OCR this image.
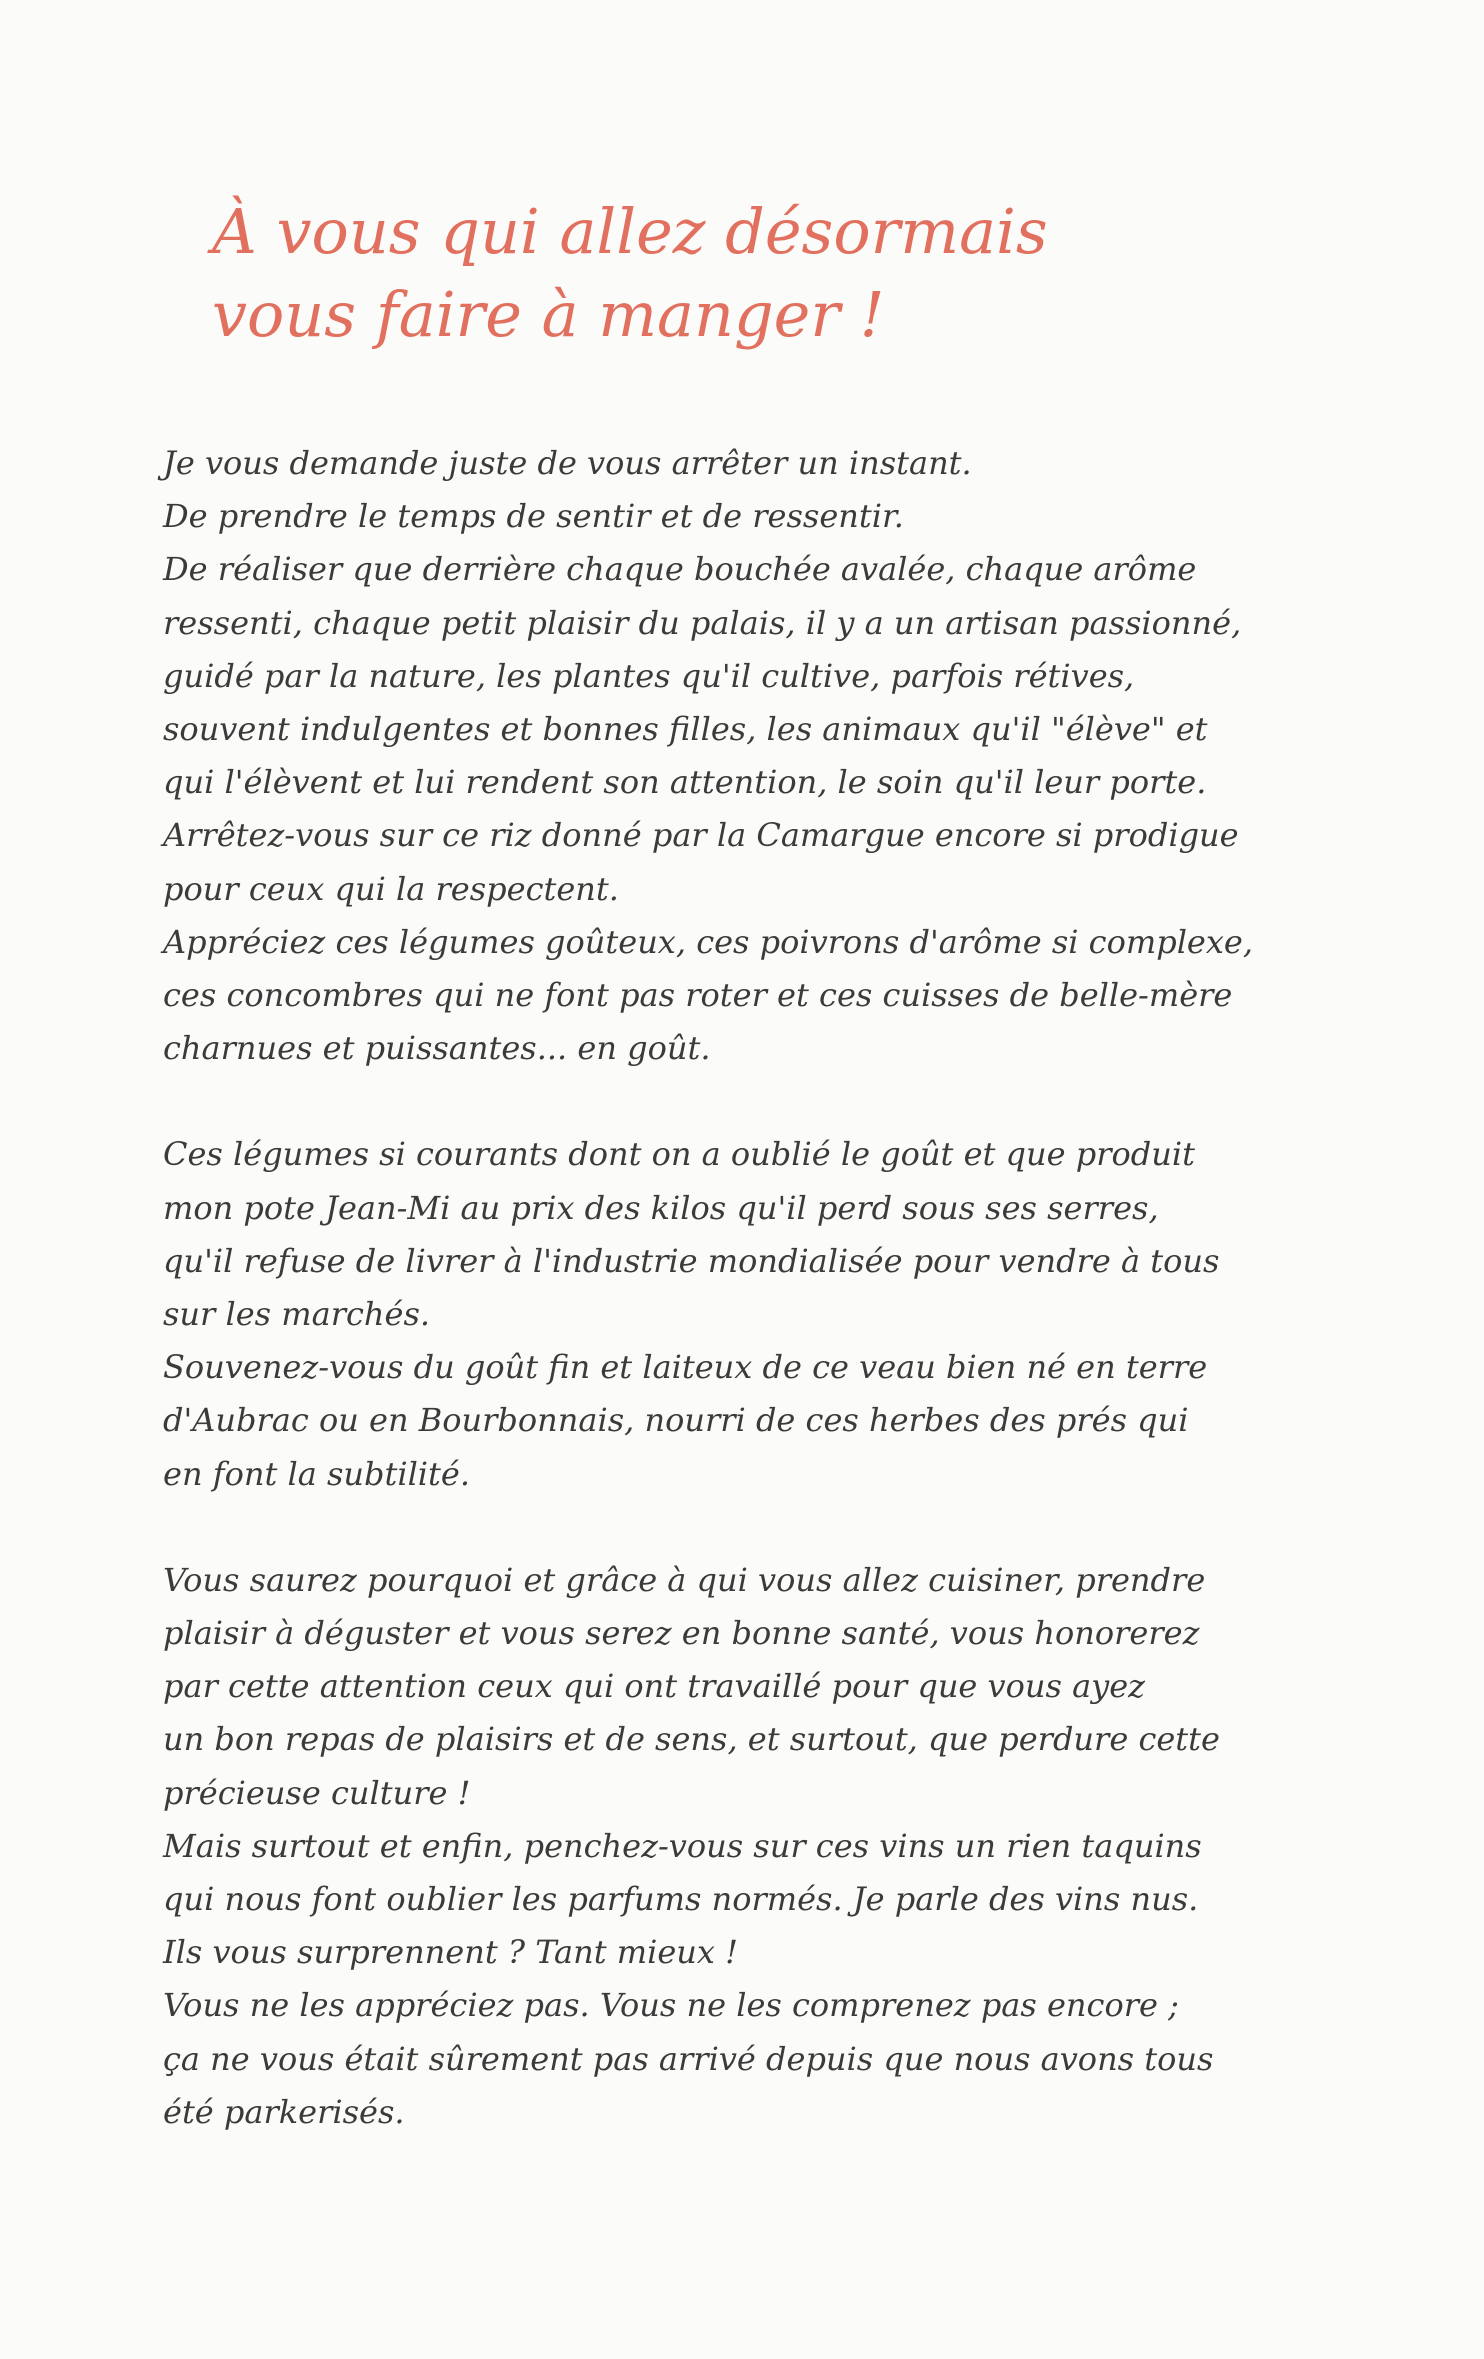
À vous qui allez désormais
vous faire à manger !

Je vous demande juste de vous arrêter un instant.
De prendre le temps de sentir et de ressentir.
De réaliser que derrière chaque bouchée avalée, chaque arôme
ressenti, chaque petit plaisir du palais, il y a un artisan passionné,
guidé par la nature, les plantes qu'il cultive, parfois rétives,
souvent indulgentes et bonnes filles, les animaux qu'il "élève" et
qui l'élèvent et lui rendent son attention, le soin qu'il leur porte.
Arrêtez-vous sur ce riz donné par la Camargue encore si prodigue
pour ceux qui la respectent.
Appréciez ces légumes goûteux, ces poivrons d'arôme si complexe,
ces concombres qui ne font pas roter et ces cuisses de belle-mère
charnues et puissantes... en goût.

Ces légumes si courants dont on a oublié le goût et que produit
mon pote Jean-Mi au prix des kilos qu'il perd sous ses serres,
qu'il refuse de livrer à l'industrie mondialisée pour vendre à tous
sur les marchés.
Souvenez-vous du goût fin et laiteux de ce veau bien né en terre
d'Aubrac ou en Bourbonnais, nourri de ces herbes des prés qui
en font la subtilité.

Vous saurez pourquoi et grâce à qui vous allez cuisiner, prendre
plaisir à déguster et vous serez en bonne santé, vous honorerez
par cette attention ceux qui ont travaillé pour que vous ayez
un bon repas de plaisirs et de sens, et surtout, que perdure cette
précieuse culture !
Mais surtout et enfin, penchez-vous sur ces vins un rien taquins
qui nous font oublier les parfums normés. Je parle des vins nus.
Ils vous surprennent ? Tant mieux !
Vous ne les appréciez pas. Vous ne les comprenez pas encore ;
ça ne vous était sûrement pas arrivé depuis que nous avons tous
été parkerisés.
